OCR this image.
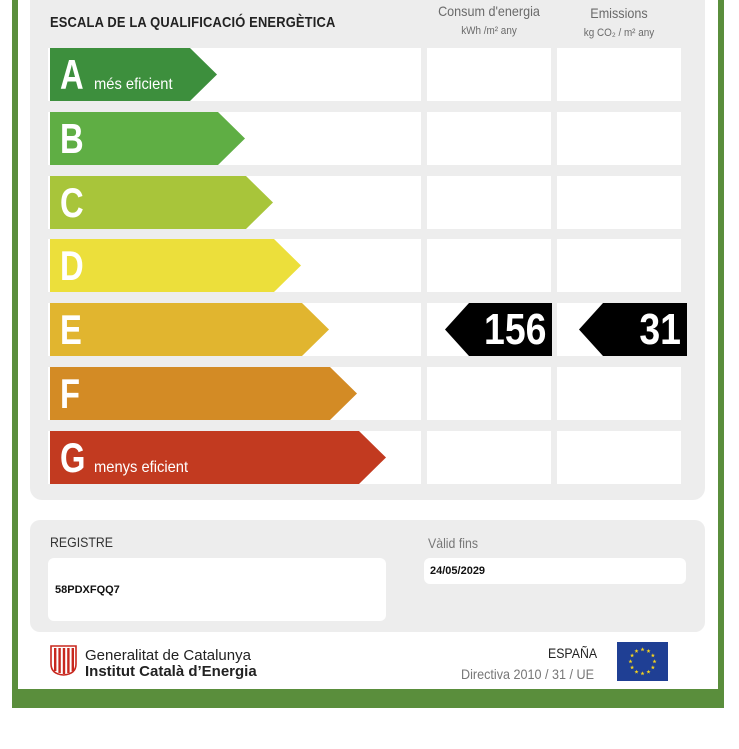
ESCALA DE LA QUALIFICACIÓ ENERGÈTICA
Consum d'energia
kWh /m² any
Emissions
kg CO₂ / m² any
A més eficient
B
C
D
E	156 31
F
G menys eficient
REGISTRE
58PDXFQQ7
Vàlid fins
24/05/2029
Generalitat de Catalunya
Institut Català d’Energia
ESPAÑA
Directiva 2010 / 31 / UE
